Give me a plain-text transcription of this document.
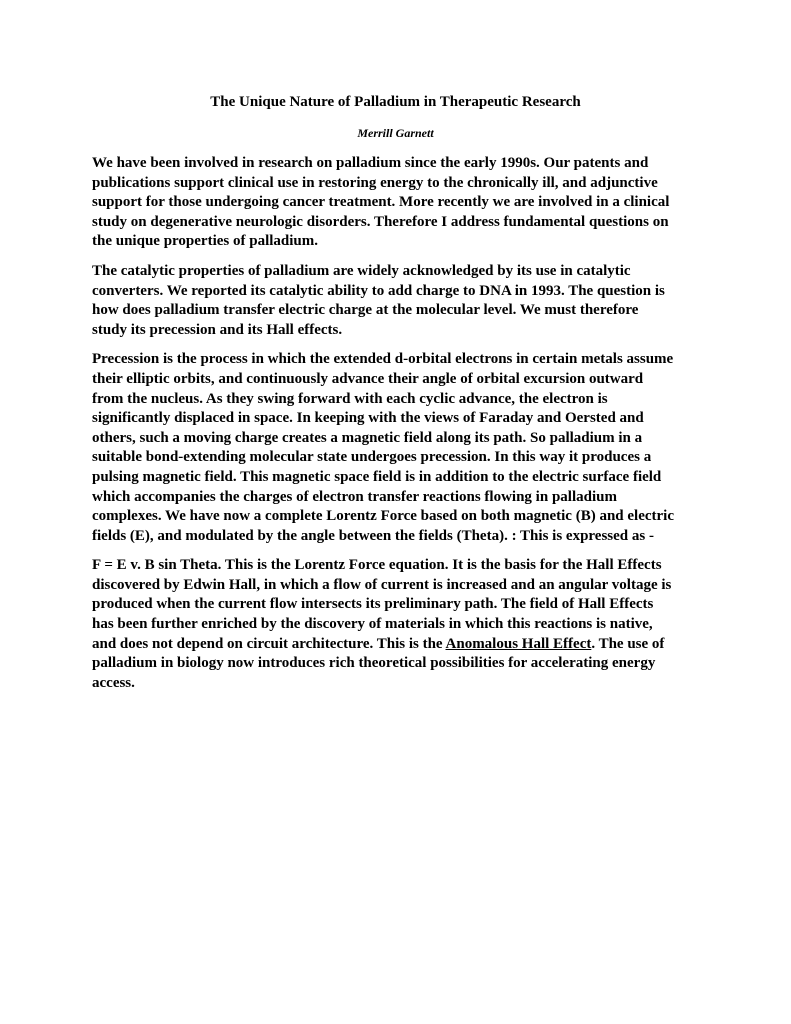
The Unique Nature of Palladium in Therapeutic Research
Merrill Garnett

We have been involved in research on palladium since the early 1990s. Our patents and
publications support clinical use in restoring energy to the chronically ill, and adjunctive
support for those undergoing cancer treatment. More recently we are involved in a clinical
study on degenerative neurologic disorders. Therefore I address fundamental questions on
the unique properties of palladium.

The catalytic properties of palladium are widely acknowledged by its use in catalytic
converters. We reported its catalytic ability to add charge to DNA in 1993. The question is
how does palladium transfer electric charge at the molecular level. We must therefore
study its precession and its Hall effects.

Precession is the process in which the extended d-orbital electrons in certain metals assume
their elliptic orbits, and continuously advance their angle of orbital excursion outward
from the nucleus. As they swing forward with each cyclic advance, the electron is
significantly displaced in space. In keeping with the views of Faraday and Oersted and
others, such a moving charge creates a magnetic field along its path. So palladium in a
suitable bond-extending molecular state undergoes precession. In this way it produces a
pulsing magnetic field. This magnetic space field is in addition to the electric surface field
which accompanies the charges of electron transfer reactions flowing in palladium
complexes. We have now a complete Lorentz Force based on both magnetic (B) and electric
fields (E), and modulated by the angle between the fields (Theta). : This is expressed as -

F = E v. B sin Theta. This is the Lorentz Force equation. It is the basis for the Hall Effects
discovered by Edwin Hall, in which a flow of current is increased and an angular voltage is
produced when the current flow intersects its preliminary path. The field of Hall Effects
has been further enriched by the discovery of materials in which this reactions is native,
and does not depend on circuit architecture. This is the Anomalous Hall Effect. The use of
palladium in biology now introduces rich theoretical possibilities for accelerating energy
access.
